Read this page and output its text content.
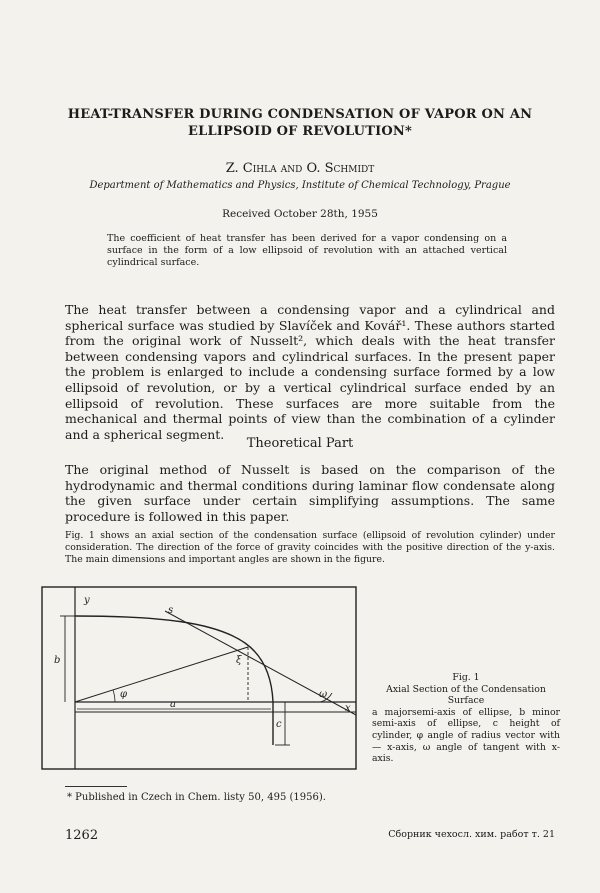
HEAT-TRANSFER DURING CONDENSATION OF VAPOR ON AN ELLIPSOID OF REVOLUTION*
Z. Cihla and O. Schmidt
Department of Mathematics and Physics, Institute of Chemical Technology, Prague
Received October 28th, 1955
The coefficient of heat transfer has been derived for a vapor condensing on a surface in the form of a low ellipsoid of revolution with an attached vertical cylindrical surface.
The heat transfer between a condensing vapor and a cylindrical and spherical surface was studied by Slavíček and Kovář¹. These authors started from the original work of Nusselt², which deals with the heat transfer between condensing vapors and cylindrical surfaces. In the present paper the problem is enlarged to include a condensing surface formed by a low ellipsoid of revolution, or by a vertical cylindrical surface ended by an ellipsoid of revolution. These surfaces are more suitable from the mechanical and thermal points of view than the combination of a cylinder and a spherical segment.
Theoretical Part
The original method of Nusselt is based on the comparison of the hydrodynamic and thermal conditions during laminar flow condensate along the given surface under certain simplifying assumptions. The same procedure is followed in this paper.
Fig. 1 shows an axial section of the condensation surface (ellipsoid of revolution cylinder) under consideration. The direction of the force of gravity coincides with the positive direction of the y-axis. The main dimensions and important angles are shown in the figure.
y
s
b
φ
a
ξ
ω
c
x
Fig. 1
Axial Section of the Condensation Surface
a majorsemi-axis of ellipse, b minor semi-axis of ellipse, c height of cylinder, φ angle of radius vector with — x-axis, ω angle of tangent with x-axis.
* Published in Czech in Chem. listy 50, 495 (1956).
1262	Сборник чехосл. хим. работ т. 21
